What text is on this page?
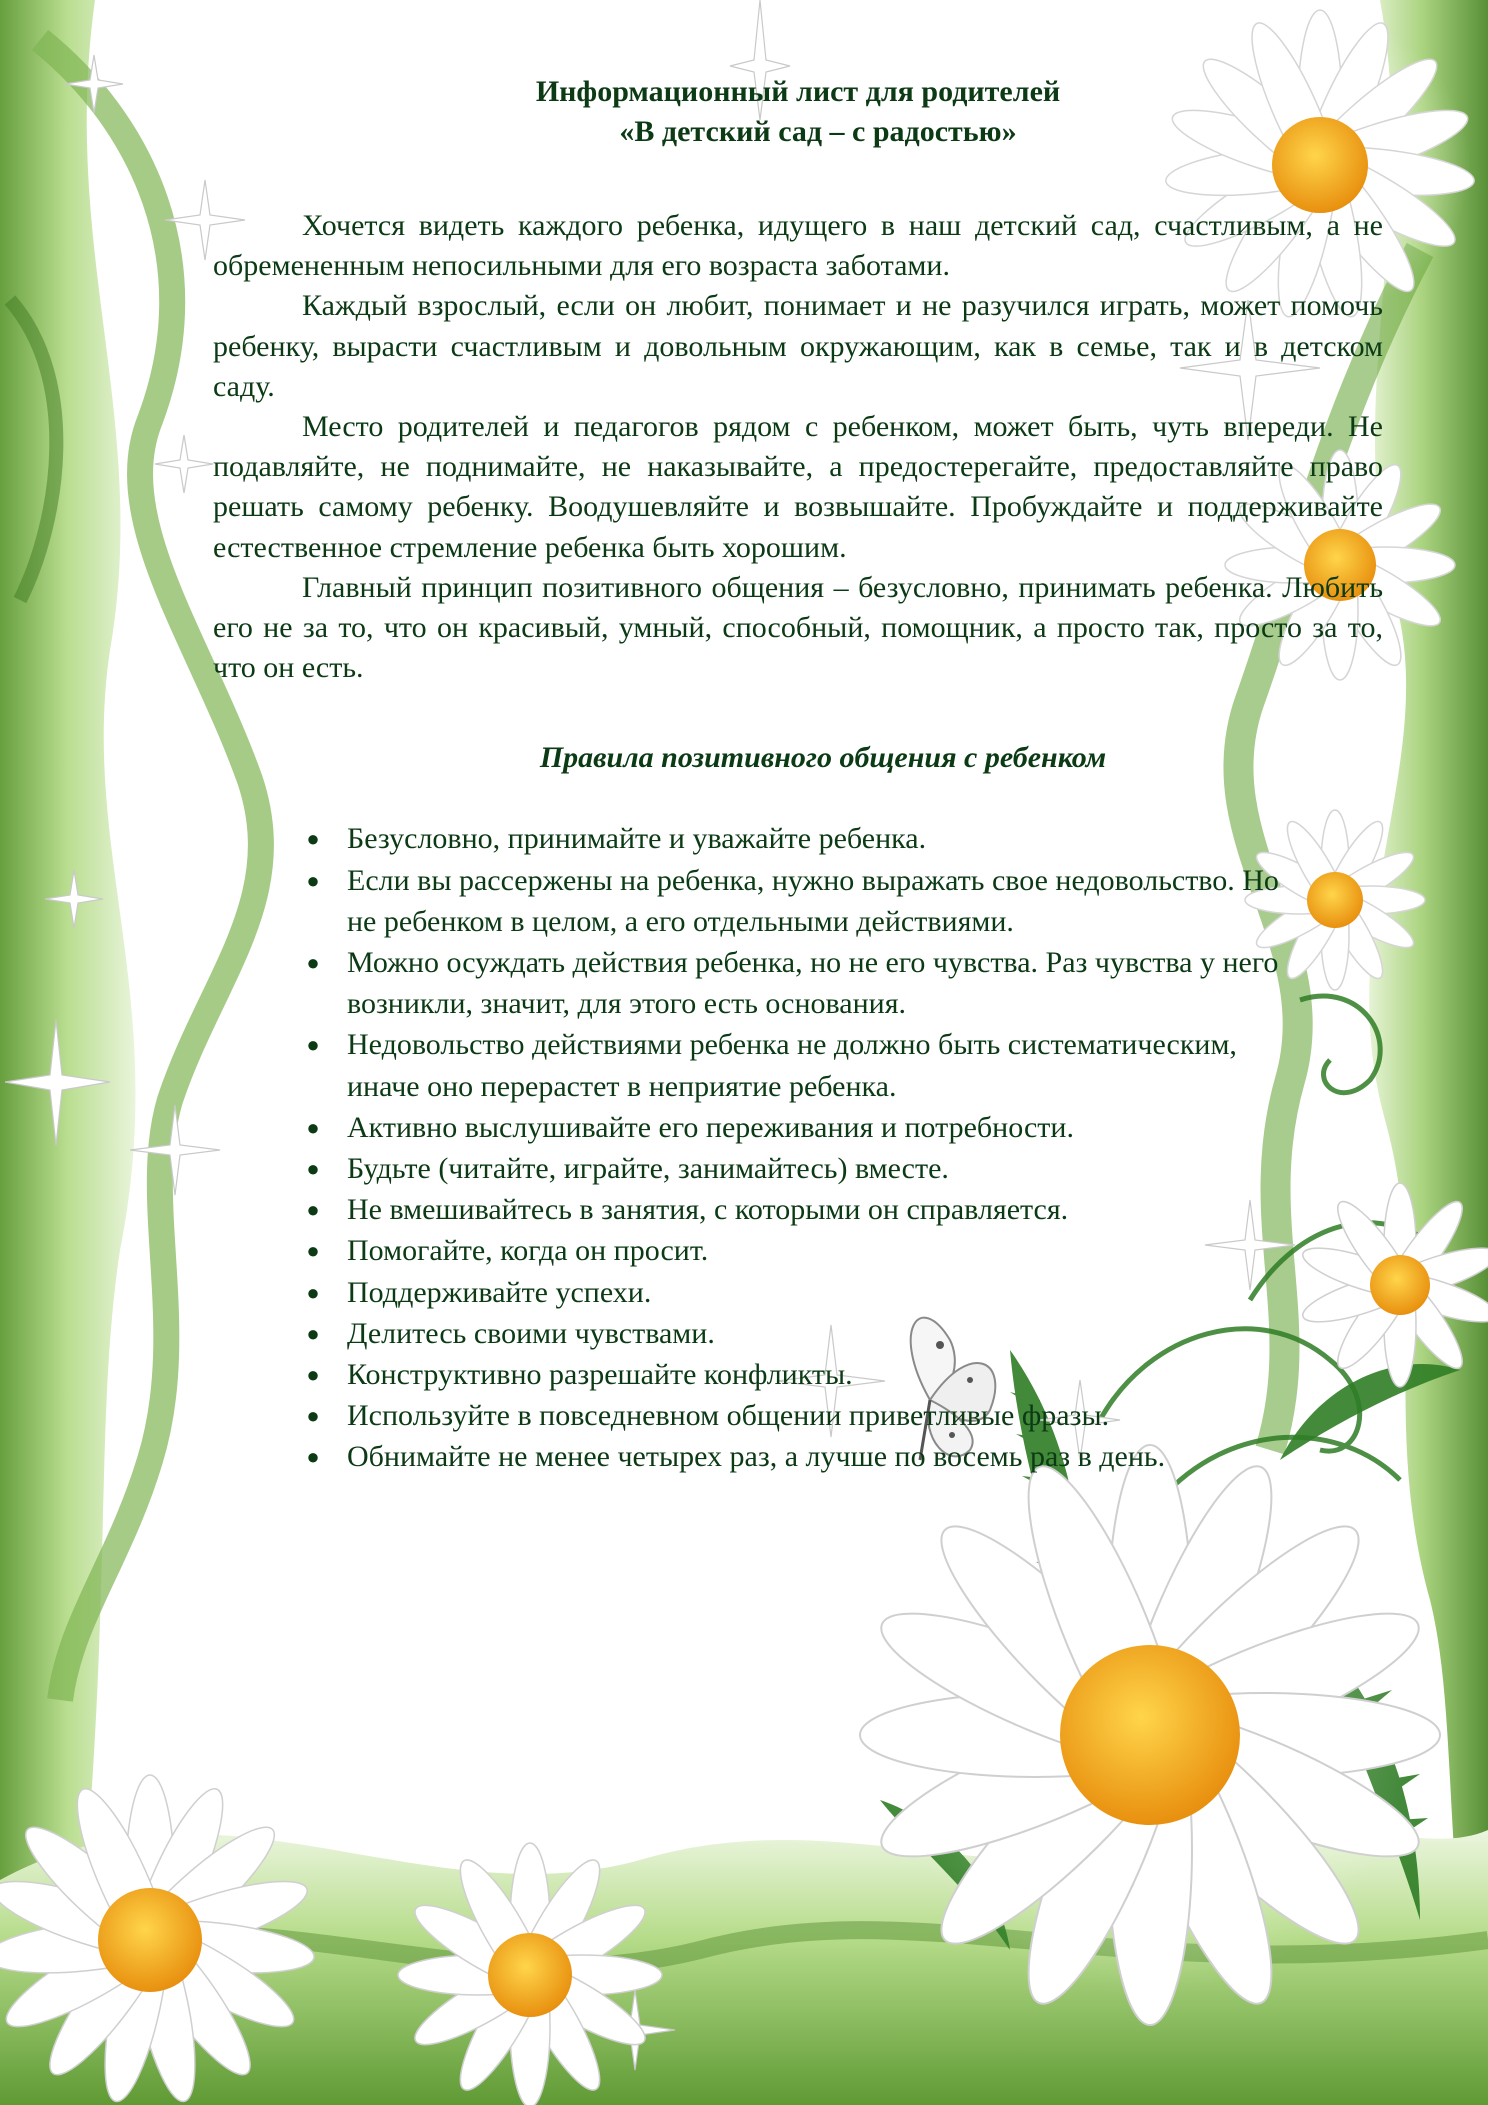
Информационный лист для родителей
«В детский сад – с радостью»

Хочется видеть каждого ребенка, идущего в наш детский сад, счастливым, а не обремененным непосильными для его возраста заботами.

Каждый взрослый, если он любит, понимает и не разучился играть, может помочь ребенку, вырасти счастливым и довольным окружающим, как в семье, так и в детском саду.

Место родителей и педагогов рядом с ребенком, может быть, чуть впереди. Не подавляйте, не поднимайте, не наказывайте, а предостерегайте, предоставляйте право решать самому ребенку. Воодушевляйте и возвышайте. Пробуждайте и поддерживайте естественное стремление ребенка быть хорошим.

Главный принцип позитивного общения – безусловно, принимать ребенка. Любить его не за то, что он красивый, умный, способный, помощник, а просто так, просто за то, что он есть.

Правила позитивного общения с ребенком
● Безусловно, принимайте и уважайте ребенка.
● Если вы рассержены на ребенка, нужно выражать свое недовольство. Но не ребенком в целом, а его отдельными действиями.
● Можно осуждать действия ребенка, но не его чувства. Раз чувства у него возникли, значит, для этого есть основания.
● Недовольство действиями ребенка не должно быть систематическим, иначе оно перерастет в неприятие ребенка.
● Активно выслушивайте его переживания и потребности.
● Будьте (читайте, играйте, занимайтесь) вместе.
● Не вмешивайтесь в занятия, с которыми он справляется.
● Помогайте, когда он просит.
● Поддерживайте успехи.
● Делитесь своими чувствами.
● Конструктивно разрешайте конфликты.
● Используйте в повседневном общении приветливые фразы.
● Обнимайте не менее четырех раз, а лучше по восемь раз в день.
